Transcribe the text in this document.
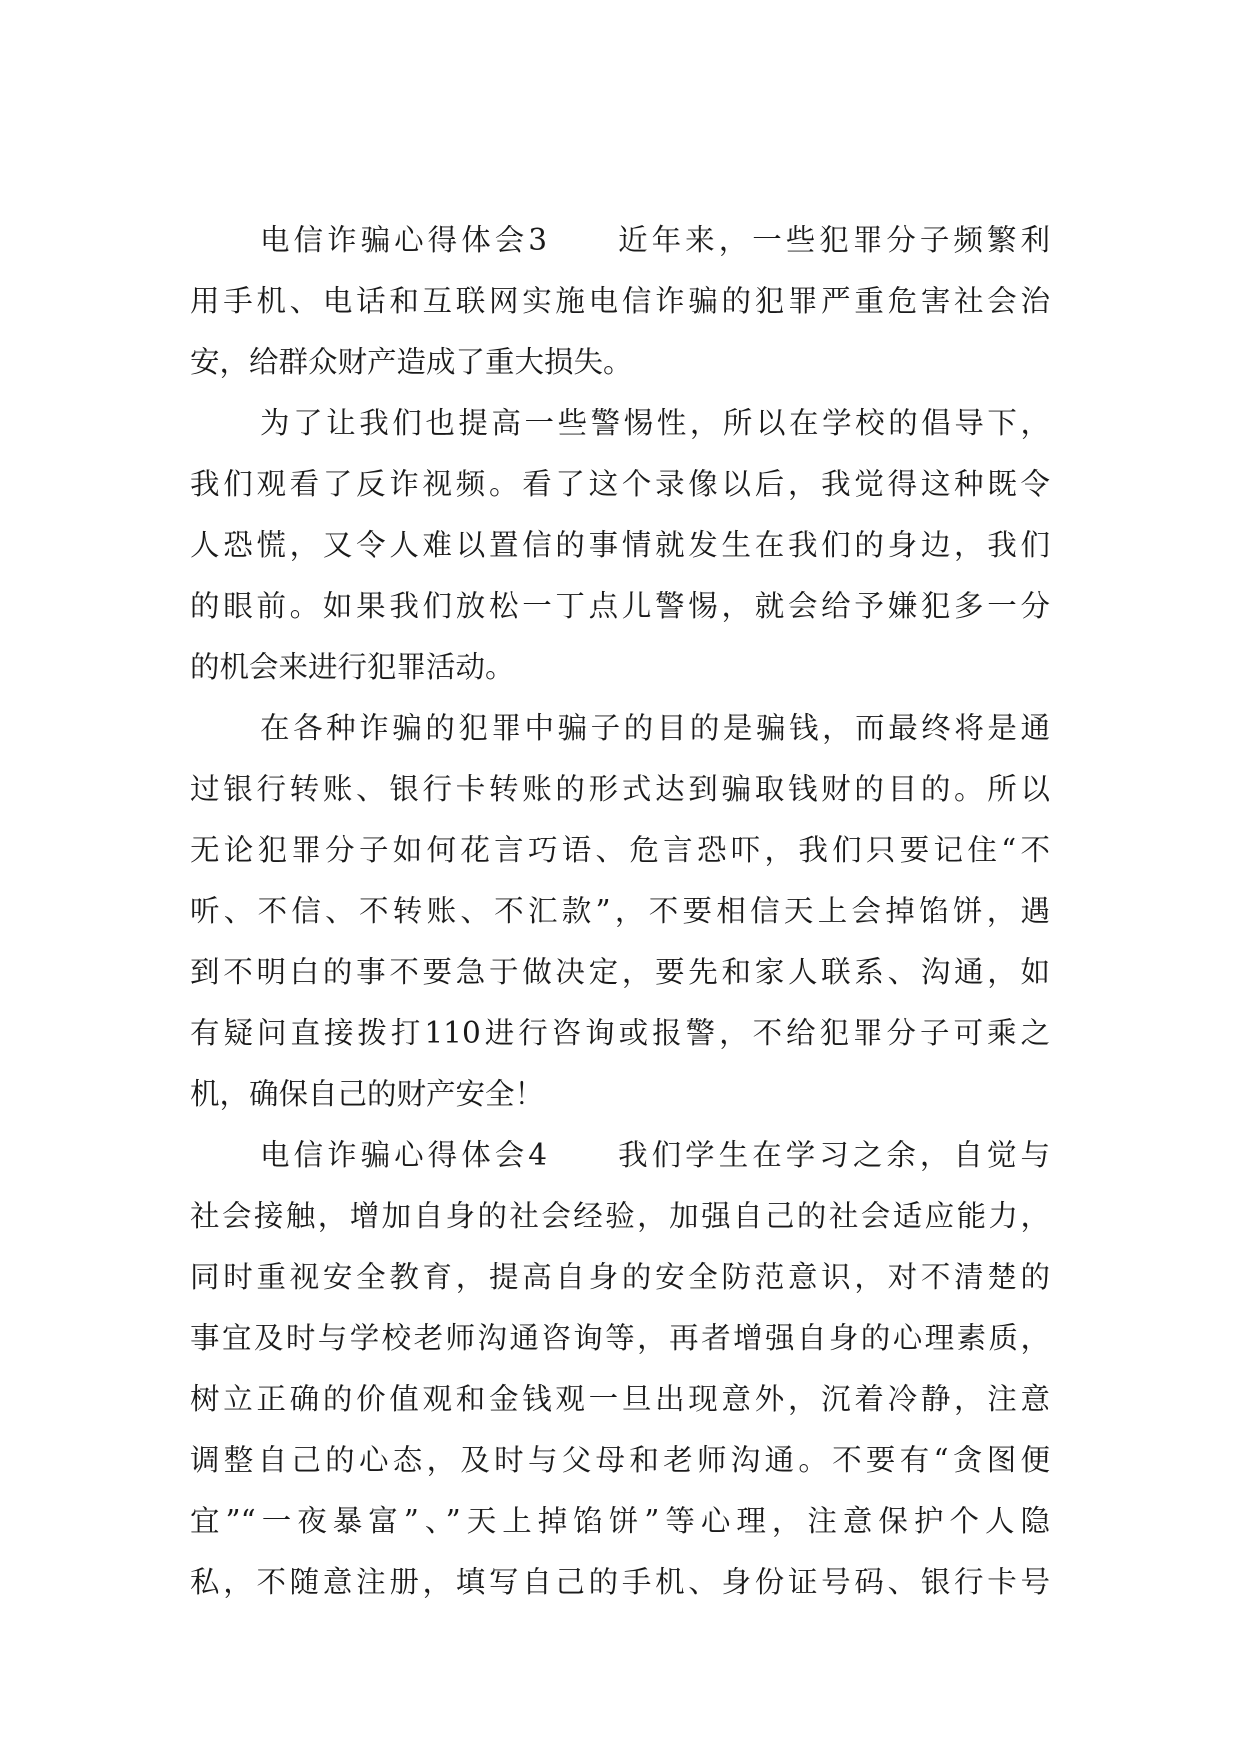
电信诈骗心得体会3　　近年来，一些犯罪分子频繁利
用手机、电话和互联网实施电信诈骗的犯罪严重危害社会治
安，给群众财产造成了重大损失。
为了让我们也提高一些警惕性，所以在学校的倡导下，
我们观看了反诈视频。看了这个录像以后，我觉得这种既令
人恐慌，又令人难以置信的事情就发生在我们的身边，我们
的眼前。如果我们放松一丁点儿警惕，就会给予嫌犯多一分
的机会来进行犯罪活动。
在各种诈骗的犯罪中骗子的目的是骗钱，而最终将是通
过银行转账、银行卡转账的形式达到骗取钱财的目的。所以
无论犯罪分子如何花言巧语、危言恐吓，我们只要记住“不
听、不信、不转账、不汇款”，不要相信天上会掉馅饼，遇
到不明白的事不要急于做决定，要先和家人联系、沟通，如
有疑问直接拨打110进行咨询或报警，不给犯罪分子可乘之
机，确保自己的财产安全！
电信诈骗心得体会4　　我们学生在学习之余，自觉与
社会接触，增加自身的社会经验，加强自己的社会适应能力，
同时重视安全教育，提高自身的安全防范意识，对不清楚的
事宜及时与学校老师沟通咨询等，再者增强自身的心理素质，
树立正确的价值观和金钱观一旦出现意外，沉着冷静，注意
调整自己的心态，及时与父母和老师沟通。不要有“贪图便
宜”“一夜暴富”、”天上掉馅饼”等心理，注意保护个人隐
私，不随意注册，填写自己的手机、身份证号码、银行卡号
